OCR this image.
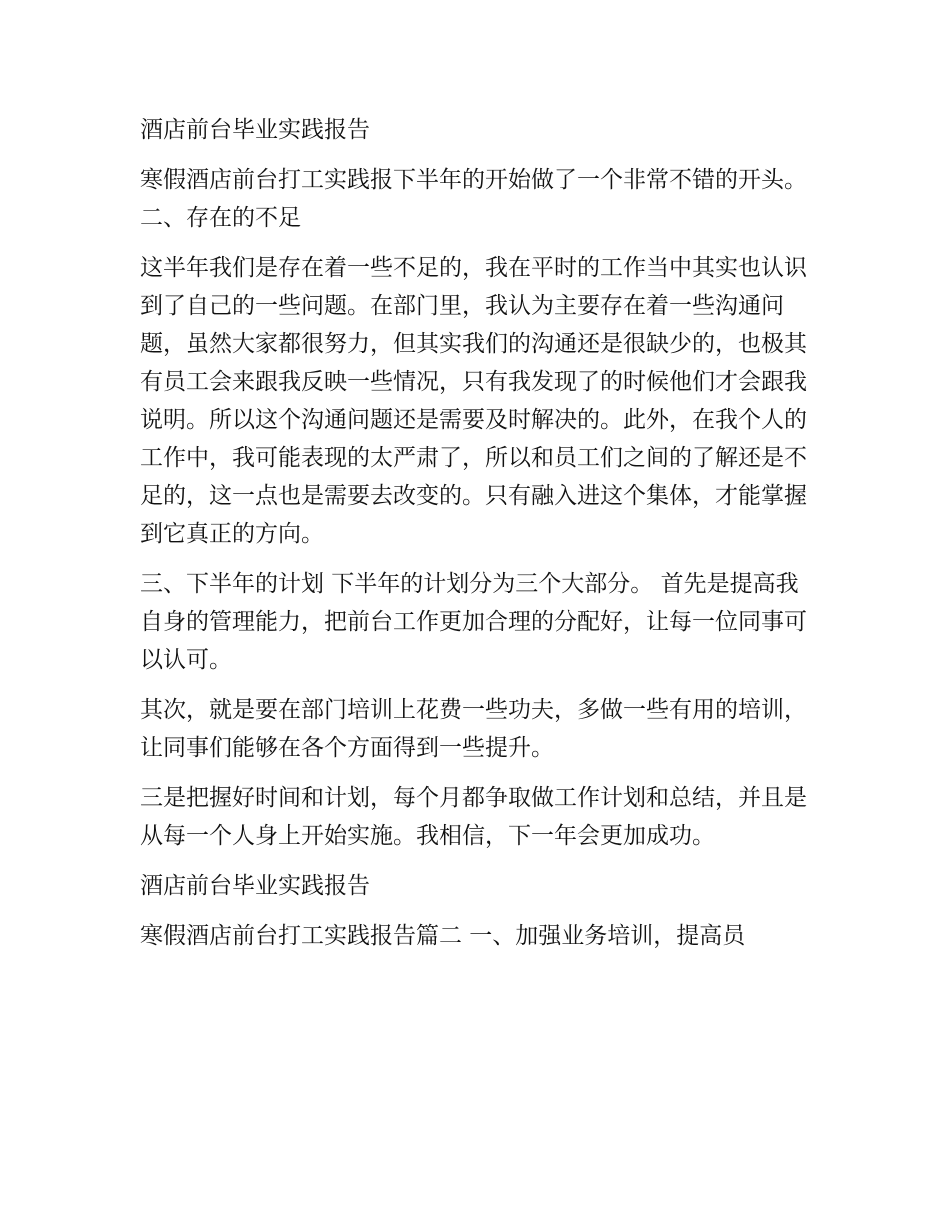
酒店前台毕业实践报告

寒假酒店前台打工实践报下半年的开始做了一个非常不错的开头。 二、存在的不足

这半年我们是存在着一些不足的，我在平时的工作当中其实也认识到了自己的一些问题。在部门里，我认为主要存在着一些沟通问题，虽然大家都很努力，但其实我们的沟通还是很缺少的，也极其有员工会来跟我反映一些情况，只有我发现了的时候他们才会跟我说明。所以这个沟通问题还是需要及时解决的。此外，在我个人的工作中，我可能表现的太严肃了，所以和员工们之间的了解还是不足的，这一点也是需要去改变的。只有融入进这个集体，才能掌握到它真正的方向。

三、下半年的计划 下半年的计划分为三个大部分。 首先是提高我自身的管理能力，把前台工作更加合理的分配好，让每一位同事可以认可。

其次，就是要在部门培训上花费一些功夫，多做一些有用的培训，让同事们能够在各个方面得到一些提升。

三是把握好时间和计划，每个月都争取做工作计划和总结，并且是从每一个人身上开始实施。我相信，下一年会更加成功。

酒店前台毕业实践报告

寒假酒店前台打工实践报告篇二 一、加强业务培训，提高员
